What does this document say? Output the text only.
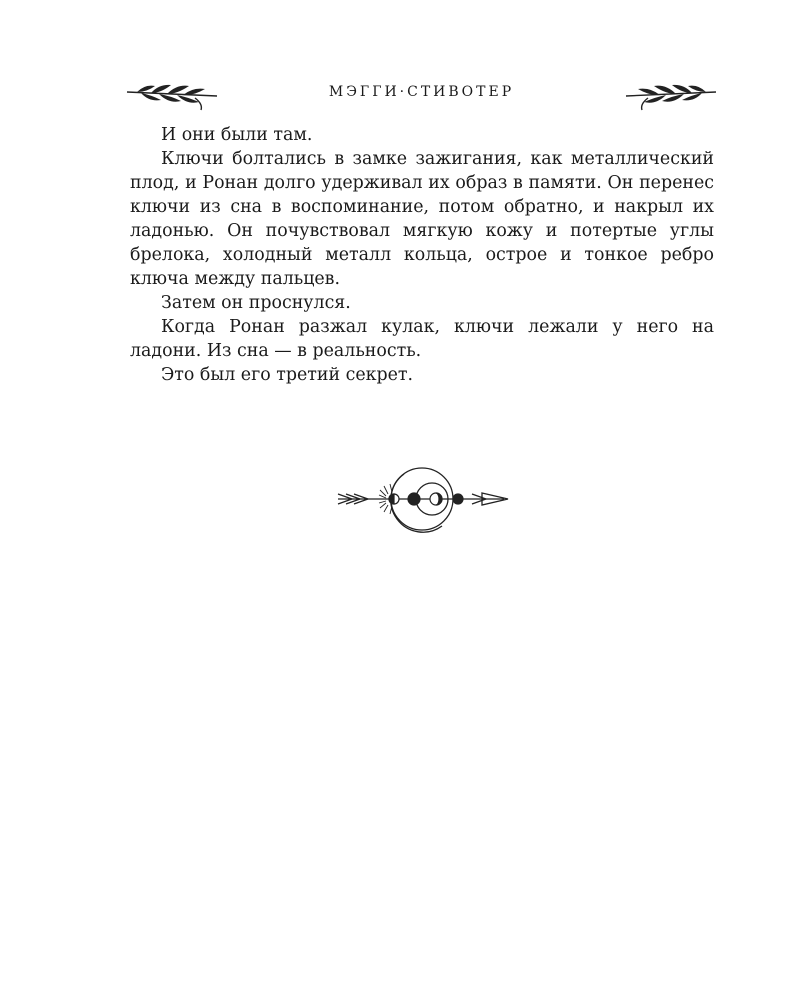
МЭГГИ·СТИВОТЕР

И они были там.

Ключи болтались в замке зажигания, как металлический плод, и Ронан долго удерживал их образ в памяти. Он перенес ключи из сна в воспоминание, потом обратно, и накрыл их ладонью. Он почувствовал мягкую кожу и потертые углы брелока, холодный металл кольца, острое и тонкое ребро ключа между пальцев.

Затем он проснулся.

Когда Ронан разжал кулак, ключи лежали у него на ладони. Из сна — в реальность.

Это был его третий секрет.
